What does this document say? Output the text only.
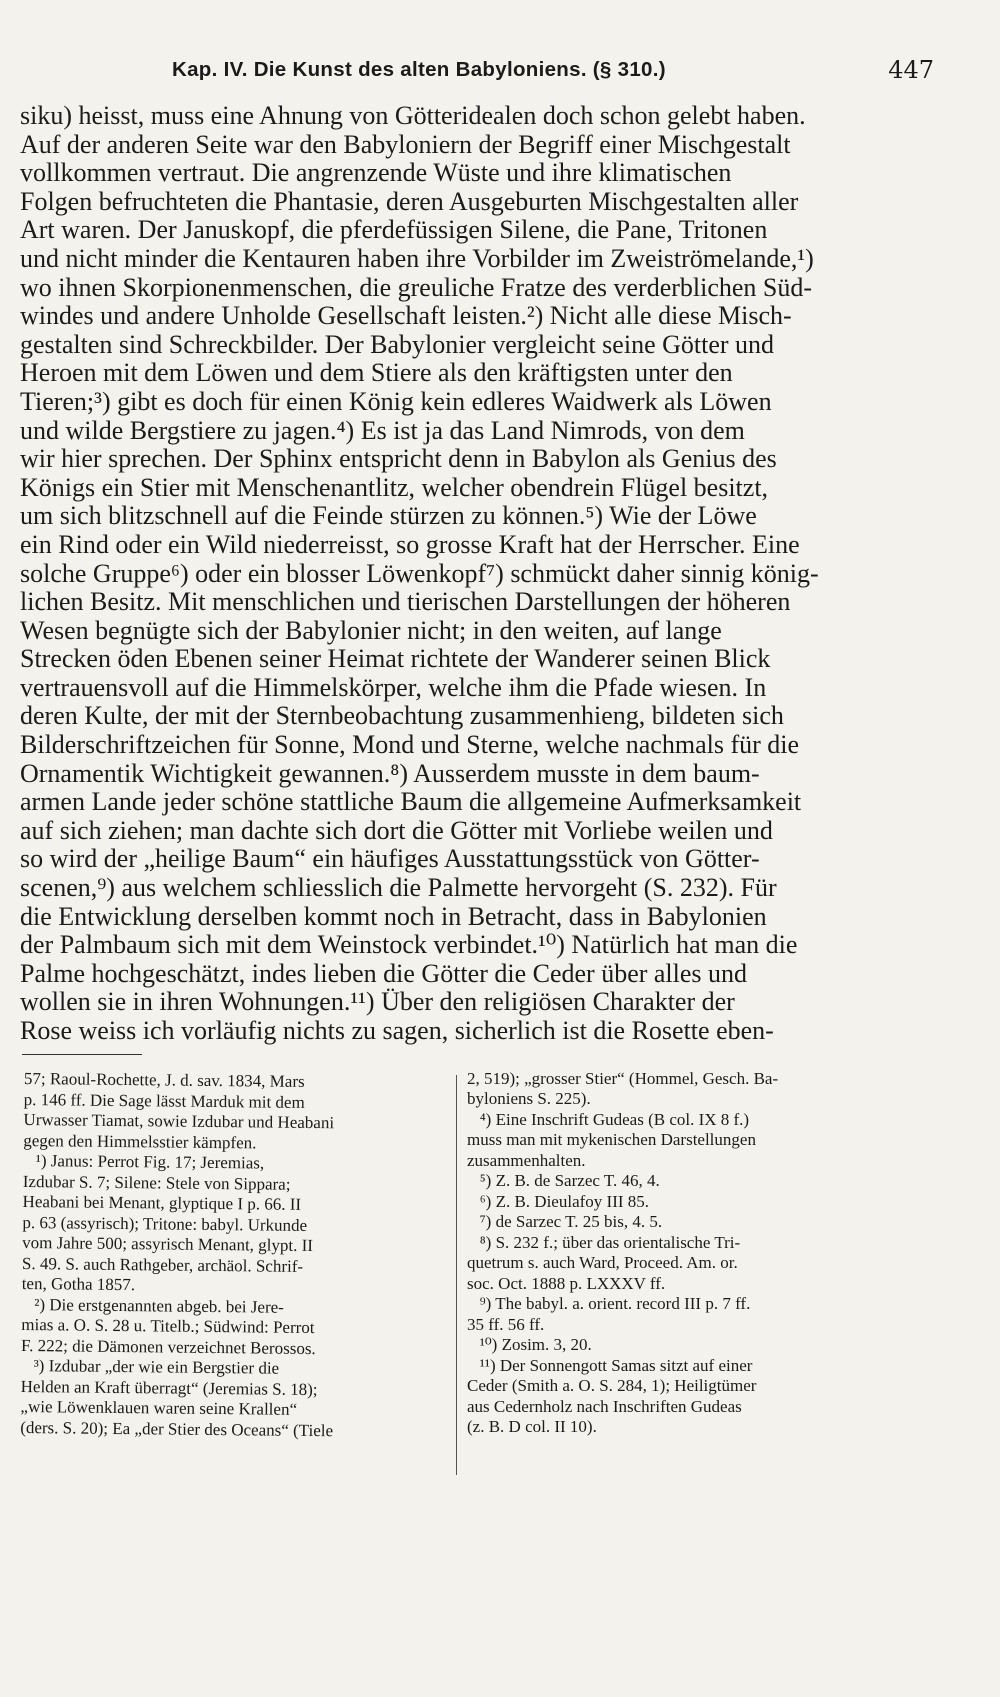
Kap. IV. Die Kunst des alten Babyloniens. (§ 310.)	447
siku) heisst, muss eine Ahnung von Götteridealen doch schon gelebt haben.
Auf der anderen Seite war den Babyloniern der Begriff einer Mischgestalt
vollkommen vertraut. Die angrenzende Wüste und ihre klimatischen
Folgen befruchteten die Phantasie, deren Ausgeburten Mischgestalten aller
Art waren. Der Januskopf, die pferdefüssigen Silene, die Pane, Tritonen
und nicht minder die Kentauren haben ihre Vorbilder im Zweiströmelande,¹)
wo ihnen Skorpionenmenschen, die greuliche Fratze des verderblichen Süd-
windes und andere Unholde Gesellschaft leisten.²) Nicht alle diese Misch-
gestalten sind Schreckbilder. Der Babylonier vergleicht seine Götter und
Heroen mit dem Löwen und dem Stiere als den kräftigsten unter den
Tieren;³) gibt es doch für einen König kein edleres Waidwerk als Löwen
und wilde Bergstiere zu jagen.⁴) Es ist ja das Land Nimrods, von dem
wir hier sprechen. Der Sphinx entspricht denn in Babylon als Genius des
Königs ein Stier mit Menschenantlitz, welcher obendrein Flügel besitzt,
um sich blitzschnell auf die Feinde stürzen zu können.⁵) Wie der Löwe
ein Rind oder ein Wild niederreisst, so grosse Kraft hat der Herrscher. Eine
solche Gruppe⁶) oder ein blosser Löwenkopf⁷) schmückt daher sinnig könig-
lichen Besitz. Mit menschlichen und tierischen Darstellungen der höheren
Wesen begnügte sich der Babylonier nicht; in den weiten, auf lange
Strecken öden Ebenen seiner Heimat richtete der Wanderer seinen Blick
vertrauensvoll auf die Himmelskörper, welche ihm die Pfade wiesen. In
deren Kulte, der mit der Sternbeobachtung zusammenhieng, bildeten sich
Bilderschriftzeichen für Sonne, Mond und Sterne, welche nachmals für die
Ornamentik Wichtigkeit gewannen.⁸) Ausserdem musste in dem baum-
armen Lande jeder schöne stattliche Baum die allgemeine Aufmerksamkeit
auf sich ziehen; man dachte sich dort die Götter mit Vorliebe weilen und
so wird der „heilige Baum“ ein häufiges Ausstattungsstück von Götter-
scenen,⁹) aus welchem schliesslich die Palmette hervorgeht (S. 232). Für
die Entwicklung derselben kommt noch in Betracht, dass in Babylonien
der Palmbaum sich mit dem Weinstock verbindet.¹⁰) Natürlich hat man die
Palme hochgeschätzt, indes lieben die Götter die Ceder über alles und
wollen sie in ihren Wohnungen.¹¹) Über den religiösen Charakter der
Rose weiss ich vorläufig nichts zu sagen, sicherlich ist die Rosette eben-
57; Raoul-Rochette, J. d. sav. 1834, Mars
p. 146 ff. Die Sage lässt Marduk mit dem
Urwasser Tiamat, sowie Izdubar und Heabani
gegen den Himmelsstier kämpfen.
¹) Janus: Perrot Fig. 17; Jeremias,
Izdubar S. 7; Silene: Stele von Sippara;
Heabani bei Menant, glyptique I p. 66. II
p. 63 (assyrisch); Tritone: babyl. Urkunde
vom Jahre 500; assyrisch Menant, glypt. II
S. 49. S. auch Rathgeber, archäol. Schrif-
ten, Gotha 1857.
²) Die erstgenannten abgeb. bei Jere-
mias a. O. S. 28 u. Titelb.; Südwind: Perrot
F. 222; die Dämonen verzeichnet Berossos.
³) Izdubar „der wie ein Bergstier die
Helden an Kraft überragt“ (Jeremias S. 18);
„wie Löwenklauen waren seine Krallen“
(ders. S. 20); Ea „der Stier des Oceans“ (Tiele
2, 519); „grosser Stier“ (Hommel, Gesch. Ba-
byloniens S. 225).
⁴) Eine Inschrift Gudeas (B col. IX 8 f.)
muss man mit mykenischen Darstellungen
zusammenhalten.
⁵) Z. B. de Sarzec T. 46, 4.
⁶) Z. B. Dieulafoy III 85.
⁷) de Sarzec T. 25 bis, 4. 5.
⁸) S. 232 f.; über das orientalische Tri-
quetrum s. auch Ward, Proceed. Am. or.
soc. Oct. 1888 p. LXXXV ff.
⁹) The babyl. a. orient. record III p. 7 ff.
35 ff. 56 ff.
¹⁰) Zosim. 3, 20.
¹¹) Der Sonnengott Samas sitzt auf einer
Ceder (Smith a. O. S. 284, 1); Heiligtümer
aus Cedernholz nach Inschriften Gudeas
(z. B. D col. II 10).
